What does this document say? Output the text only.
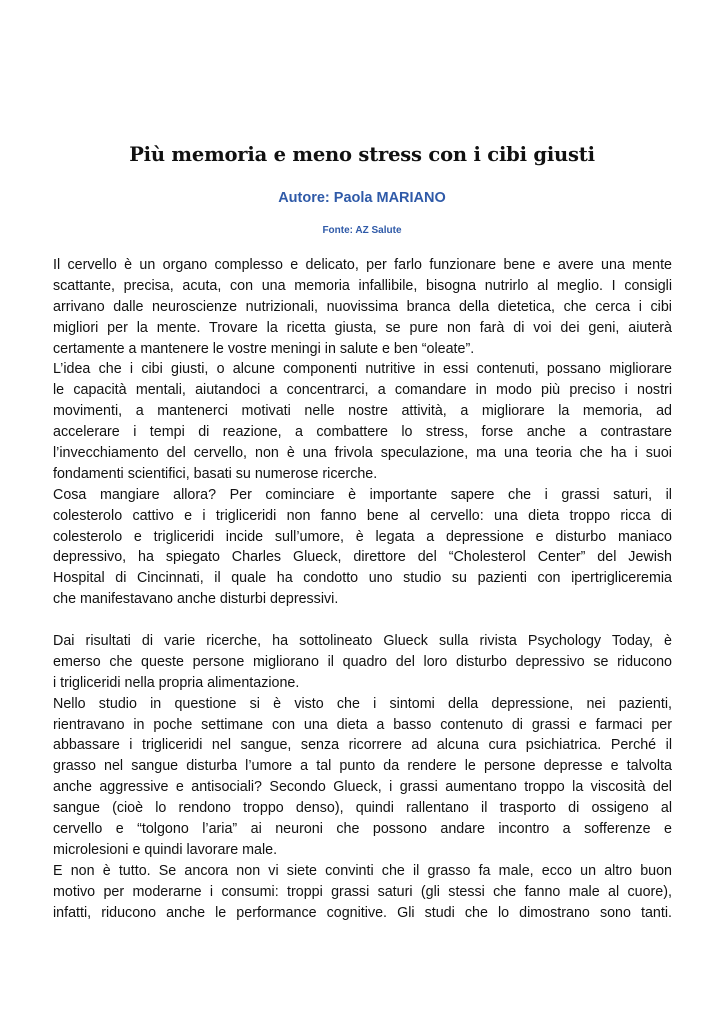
Più memoria e meno stress con i cibi giusti
Autore: Paola MARIANO
Fonte: AZ Salute
Il cervello è un organo complesso e delicato, per farlo funzionare bene e avere una mente
scattante, precisa, acuta, con una memoria infallibile, bisogna nutrirlo al meglio. I consigli
arrivano dalle neuroscienze nutrizionali, nuovissima branca della dietetica, che cerca i cibi
migliori per la mente. Trovare la ricetta giusta, se pure non farà di voi dei geni, aiuterà
certamente a mantenere le vostre meningi in salute e ben “oleate”.
L’idea che i cibi giusti, o alcune componenti nutritive in essi contenuti, possano migliorare
le capacità mentali, aiutandoci a concentrarci, a comandare in modo più preciso i nostri
movimenti, a mantenerci motivati nelle nostre attività, a migliorare la memoria, ad
accelerare i tempi di reazione, a combattere lo stress, forse anche a contrastare
l’invecchiamento del cervello, non è una frivola speculazione, ma una teoria che ha i suoi
fondamenti scientifici, basati su numerose ricerche.
Cosa mangiare allora? Per cominciare è importante sapere che i grassi saturi, il
colesterolo cattivo e i trigliceridi non fanno bene al cervello: una dieta troppo ricca di
colesterolo e trigliceridi incide sull’umore, è legata a depressione e disturbo maniaco
depressivo, ha spiegato Charles Glueck, direttore del “Cholesterol Center” del Jewish
Hospital di Cincinnati, il quale ha condotto uno studio su pazienti con ipertrigliceremia
che manifestavano anche disturbi depressivi.
Dai risultati di varie ricerche, ha sottolineato Glueck sulla rivista Psychology Today, è
emerso che queste persone migliorano il quadro del loro disturbo depressivo se riducono
i trigliceridi nella propria alimentazione.
Nello studio in questione si è visto che i sintomi della depressione, nei pazienti,
rientravano in poche settimane con una dieta a basso contenuto di grassi e farmaci per
abbassare i trigliceridi nel sangue, senza ricorrere ad alcuna cura psichiatrica. Perché il
grasso nel sangue disturba l’umore a tal punto da rendere le persone depresse e talvolta
anche aggressive e antisociali? Secondo Glueck, i grassi aumentano troppo la viscosità del
sangue (cioè lo rendono troppo denso), quindi rallentano il trasporto di ossigeno al
cervello e “tolgono l’aria” ai neuroni che possono andare incontro a sofferenze e
microlesioni e quindi lavorare male.
E non è tutto. Se ancora non vi siete convinti che il grasso fa male, ecco un altro buon
motivo per moderarne i consumi: troppi grassi saturi (gli stessi che fanno male al cuore),
infatti, riducono anche le performance cognitive. Gli studi che lo dimostrano sono tanti.
